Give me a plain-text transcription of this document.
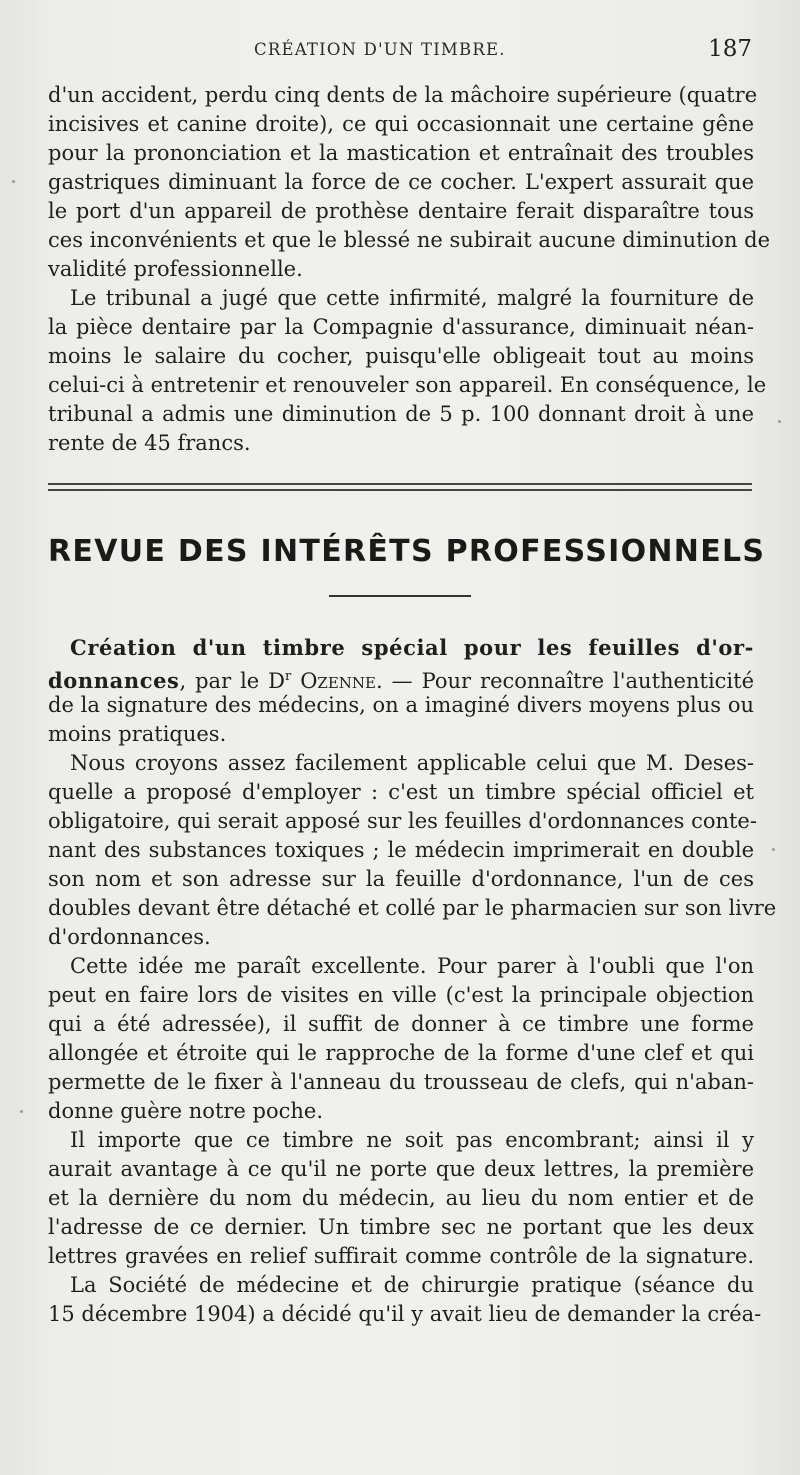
CRÉATION D'UN TIMBRE.	187
d'un accident, perdu cinq dents de la mâchoire supérieure (quatre
incisives et canine droite), ce qui occasionnait une certaine gêne
pour la prononciation et la mastication et entraînait des troubles
gastriques diminuant la force de ce cocher. L'expert assurait que
le port d'un appareil de prothèse dentaire ferait disparaître tous
ces inconvénients et que le blessé ne subirait aucune diminution de
validité professionnelle.
Le tribunal a jugé que cette infirmité, malgré la fourniture de
la pièce dentaire par la Compagnie d'assurance, diminuait néan-
moins le salaire du cocher, puisqu'elle obligeait tout au moins
celui-ci à entretenir et renouveler son appareil. En conséquence, le
tribunal a admis une diminution de 5 p. 100 donnant droit à une
rente de 45 francs.
REVUE DES INTÉRÊTS PROFESSIONNELS
Création d'un timbre spécial pour les feuilles d'or-
donnances, par le $D^r$ Ozenne. — Pour reconnaître l'authenticité
de la signature des médecins, on a imaginé divers moyens plus ou
moins pratiques.
Nous croyons assez facilement applicable celui que M. Deses-
quelle a proposé d'employer : c'est un timbre spécial officiel et
obligatoire, qui serait apposé sur les feuilles d'ordonnances conte-
nant des substances toxiques ; le médecin imprimerait en double
son nom et son adresse sur la feuille d'ordonnance, l'un de ces
doubles devant être détaché et collé par le pharmacien sur son livre
d'ordonnances.
Cette idée me paraît excellente. Pour parer à l'oubli que l'on
peut en faire lors de visites en ville (c'est la principale objection
qui a été adressée), il suffit de donner à ce timbre une forme
allongée et étroite qui le rapproche de la forme d'une clef et qui
permette de le fixer à l'anneau du trousseau de clefs, qui n'aban-
donne guère notre poche.
Il importe que ce timbre ne soit pas encombrant; ainsi il y
aurait avantage à ce qu'il ne porte que deux lettres, la première
et la dernière du nom du médecin, au lieu du nom entier et de
l'adresse de ce dernier. Un timbre sec ne portant que les deux
lettres gravées en relief suffirait comme contrôle de la signature.
La Société de médecine et de chirurgie pratique (séance du
15 décembre 1904) a décidé qu'il y avait lieu de demander la créa-
